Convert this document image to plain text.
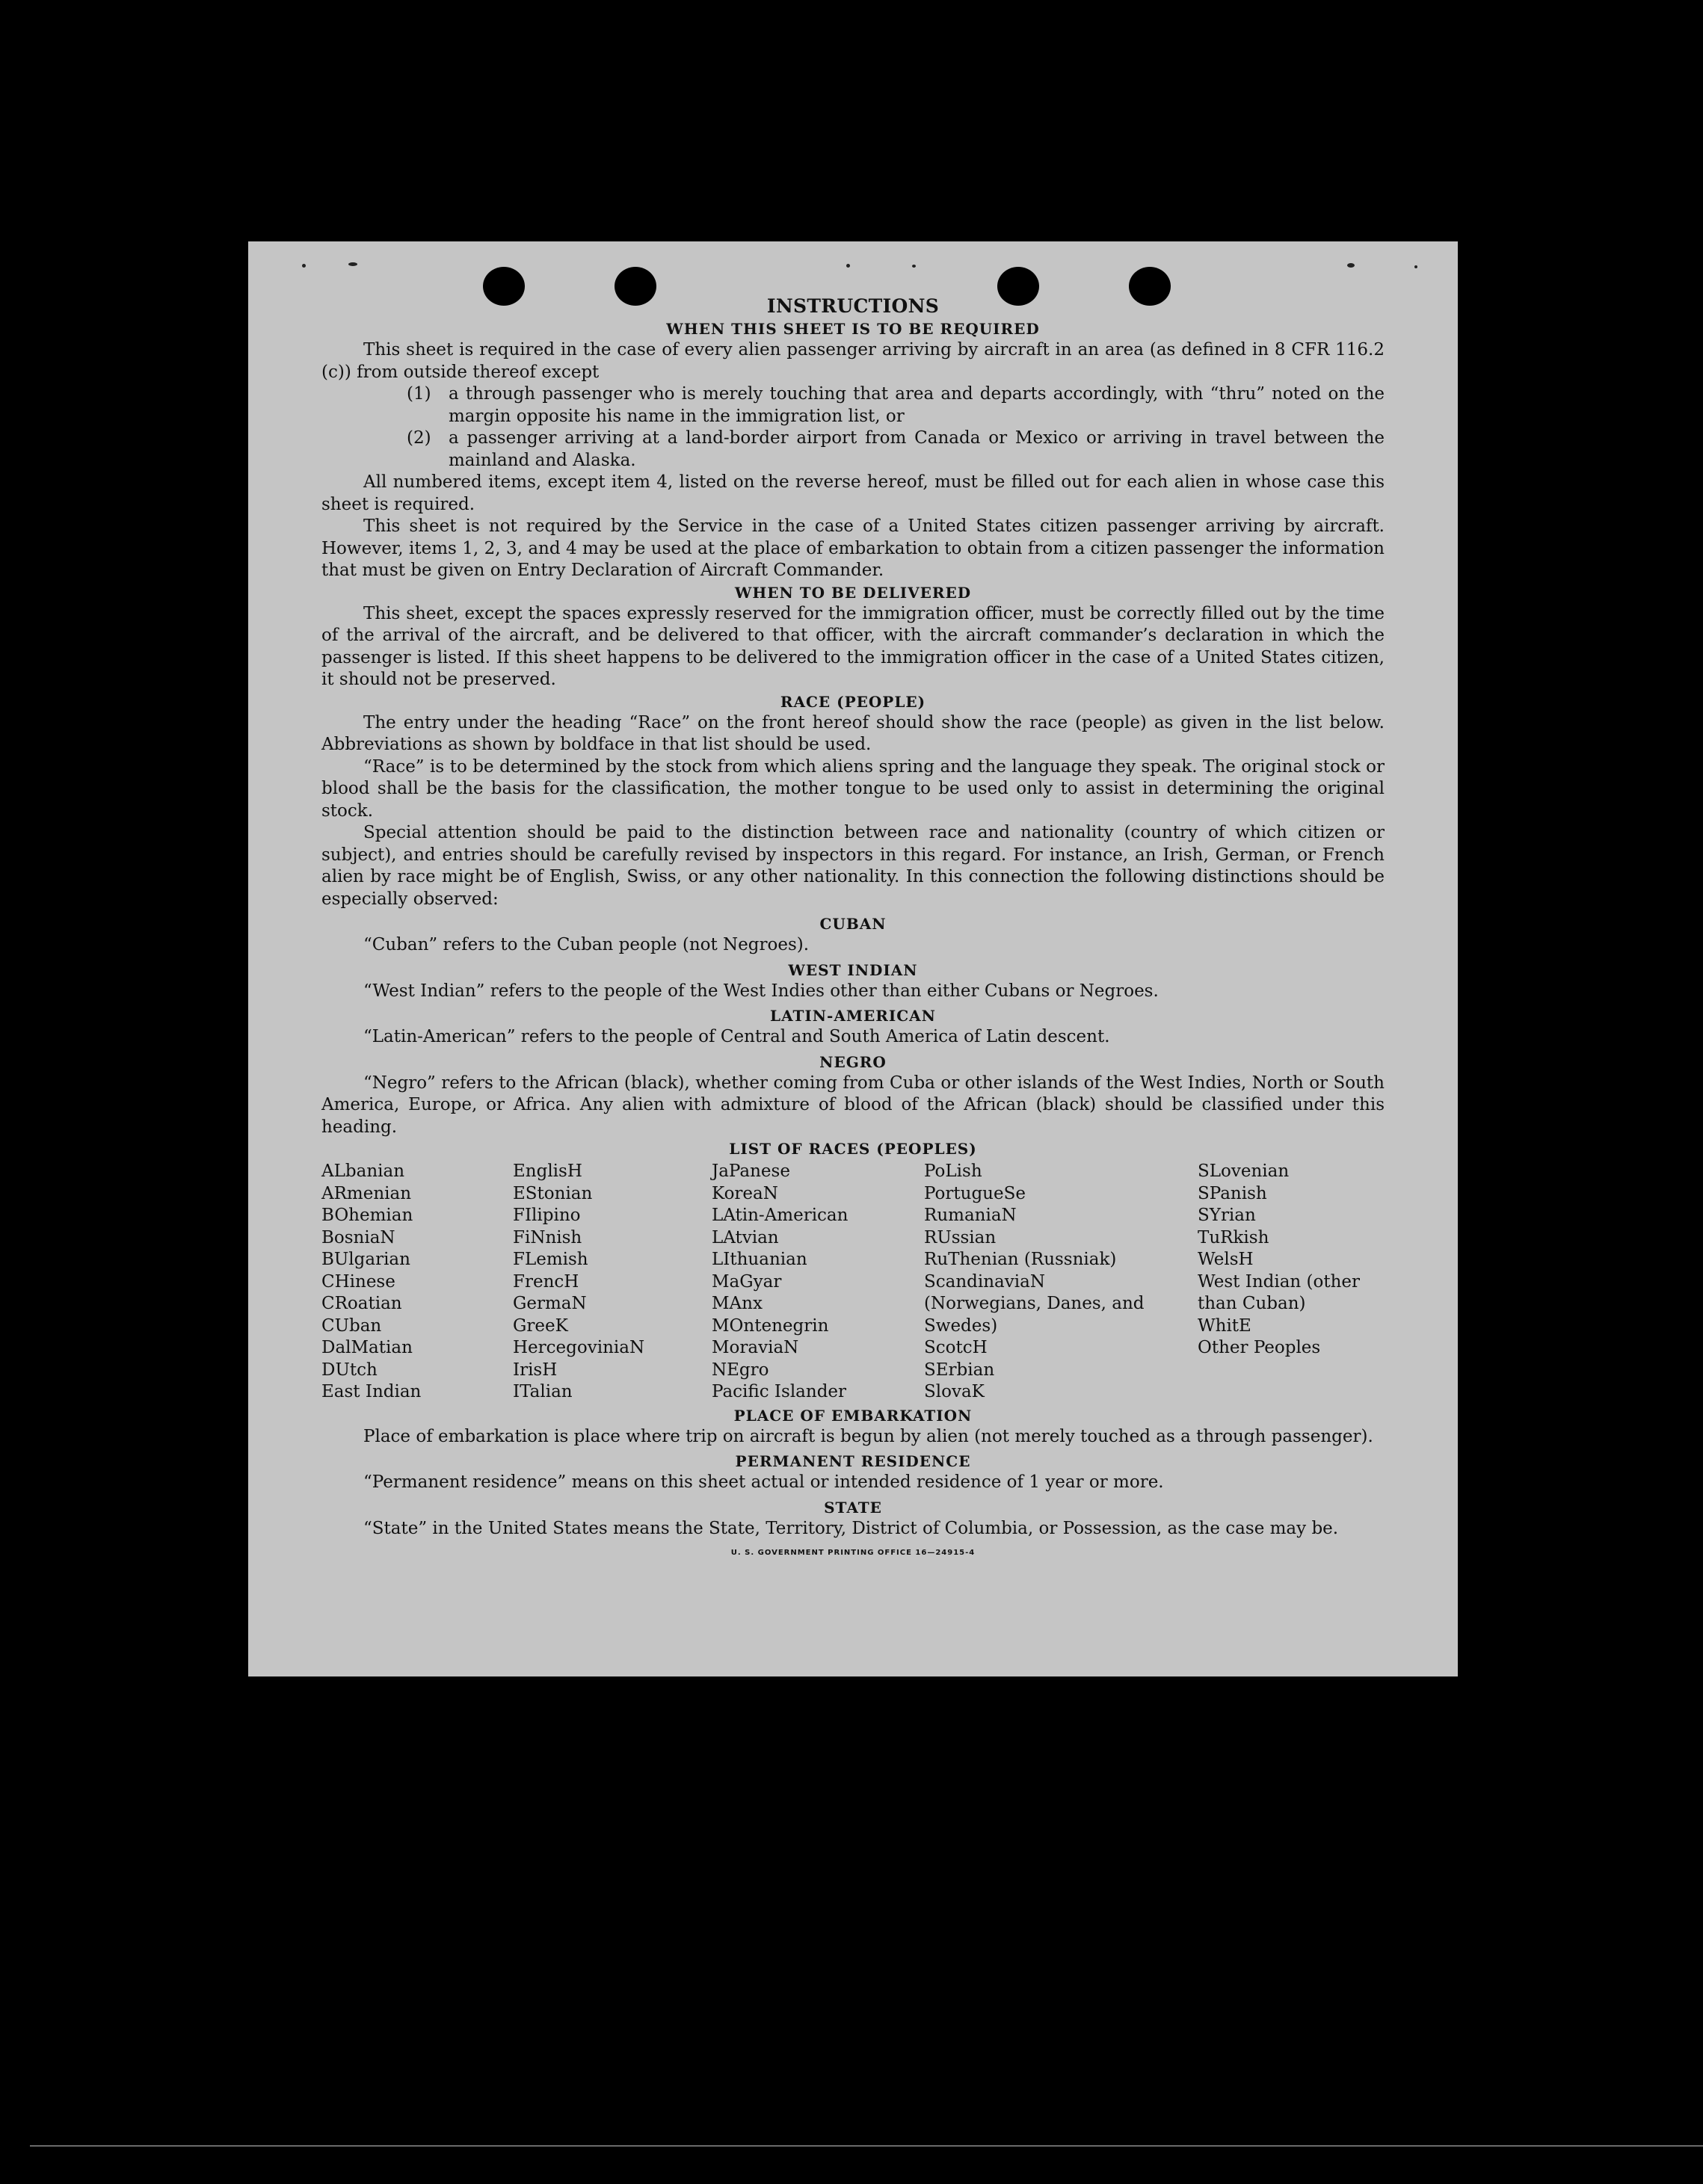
INSTRUCTIONS
WHEN THIS SHEET IS TO BE REQUIRED

This sheet is required in the case of every alien passenger arriving by aircraft in an area (as defined in 8 CFR 116.2 (c)) from outside thereof except

(1)	a through passenger who is merely touching that area and departs accordingly, with “thru” noted on the margin opposite his name in the immigration list, or
(2)	a passenger arriving at a land-border airport from Canada or Mexico or arriving in travel between the mainland and Alaska.

All numbered items, except item 4, listed on the reverse hereof, must be filled out for each alien in whose case this sheet is required.

This sheet is not required by the Service in the case of a United States citizen passenger arriving by aircraft. However, items 1, 2, 3, and 4 may be used at the place of embarkation to obtain from a citizen passenger the information that must be given on Entry Declaration of Aircraft Commander.

WHEN TO BE DELIVERED

This sheet, except the spaces expressly reserved for the immigration officer, must be correctly filled out by the time of the arrival of the aircraft, and be delivered to that officer, with the aircraft commander’s declaration in which the passenger is listed. If this sheet happens to be delivered to the immigration officer in the case of a United States citizen, it should not be preserved.

RACE (PEOPLE)

The entry under the heading “Race” on the front hereof should show the race (people) as given in the list below. Abbreviations as shown by boldface in that list should be used.

“Race” is to be determined by the stock from which aliens spring and the language they speak. The original stock or blood shall be the basis for the classification, the mother tongue to be used only to assist in determining the original stock.

Special attention should be paid to the distinction between race and nationality (country of which citizen or subject), and entries should be carefully revised by inspectors in this regard. For instance, an Irish, German, or French alien by race might be of English, Swiss, or any other nationality. In this connection the following distinctions should be especially observed:

CUBAN
“Cuban” refers to the Cuban people (not Negroes).
WEST INDIAN
“West Indian” refers to the people of the West Indies other than either Cubans or Negroes.
LATIN-AMERICAN
“Latin-American” refers to the people of Central and South America of Latin descent.
NEGRO

“Negro” refers to the African (black), whether coming from Cuba or other islands of the West Indies, North or South America, Europe, or Africa. Any alien with admixture of blood of the African (black) should be classified under this heading.

LIST OF RACES (PEOPLES)
ALbanian
ARmenian
BOhemian
BosniaN
BUlgarian
CHinese
CRoatian
CUban
DalMatian
DUtch
East Indian
EnglisH
EStonian
FIlipino
FiNnish
FLemish
FrencH
GermaN
GreeK
HercegoviniaN
IrisH
ITalian
JaPanese
KoreaN
LAtin-American
LAtvian
LIthuanian
MaGyar
MAnx
MOntenegrin
MoraviaN
NEgro
Pacific Islander
PoLish
PortugueSe
RumaniaN
RUssian
RuThenian (Russniak)
ScandinaviaN (Norwegians, Danes, and Swedes)
ScotcH
SErbian
SlovaK
SLovenian
SPanish
SYrian
TuRkish
WelsH
West Indian (other than Cuban)
WhitE
Other Peoples
PLACE OF EMBARKATION

Place of embarkation is place where trip on aircraft is begun by alien (not merely touched as a through passenger).

PERMANENT RESIDENCE
“Permanent residence” means on this sheet actual or intended residence of 1 year or more.
STATE

“State” in the United States means the State, Territory, District of Columbia, or Possession, as the case may be.

U. S. GOVERNMENT PRINTING OFFICE 16—24915-4
